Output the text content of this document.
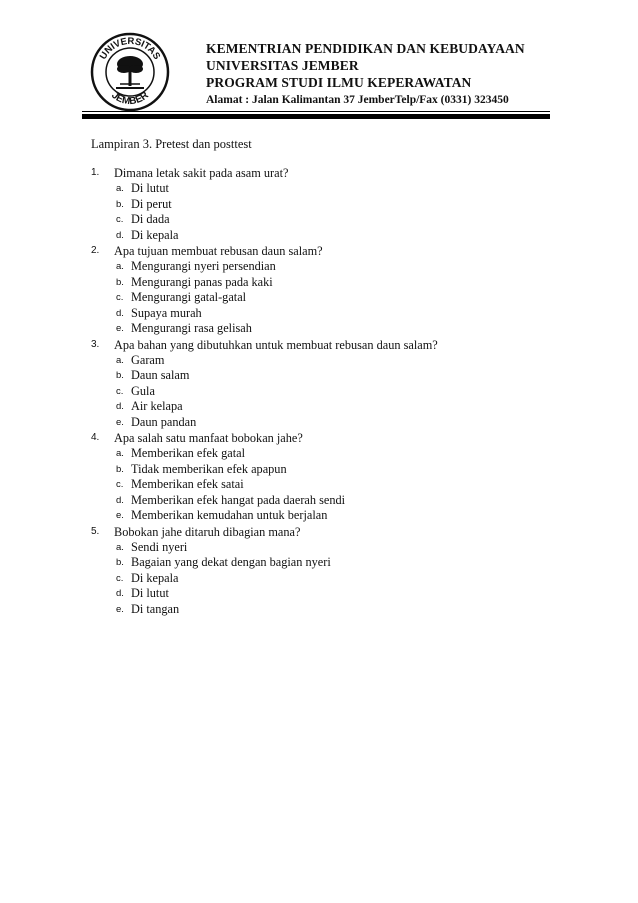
UNIVERSITAS
JEMBER
KEMENTRIAN PENDIDIKAN DAN KEBUDAYAAN
UNIVERSITAS JEMBER
PROGRAM STUDI ILMU KEPERAWATAN
Alamat : Jalan Kalimantan 37 JemberTelp/Fax (0331) 323450
Lampiran 3. Pretest dan posttest
1.	Dimana letak sakit pada asam urat?
a. Di lutut
b. Di perut
c. Di dada
d. Di kepala
2.	Apa tujuan membuat rebusan daun salam?
a. Mengurangi nyeri persendian
b. Mengurangi panas pada kaki
c. Mengurangi gatal-gatal
d. Supaya murah
e. Mengurangi rasa gelisah
3.	Apa bahan yang dibutuhkan untuk membuat rebusan daun salam?
a. Garam
b. Daun salam
c. Gula
d. Air kelapa
e. Daun pandan
4.	Apa salah satu manfaat bobokan jahe?
a. Memberikan efek gatal
b. Tidak memberikan efek apapun
c. Memberikan efek satai
d. Memberikan efek hangat pada daerah sendi
e. Memberikan kemudahan untuk berjalan
5.	Bobokan jahe ditaruh dibagian mana?
a. Sendi nyeri
b. Bagaian yang dekat dengan bagian nyeri
c. Di kepala
d. Di lutut
e. Di tangan
